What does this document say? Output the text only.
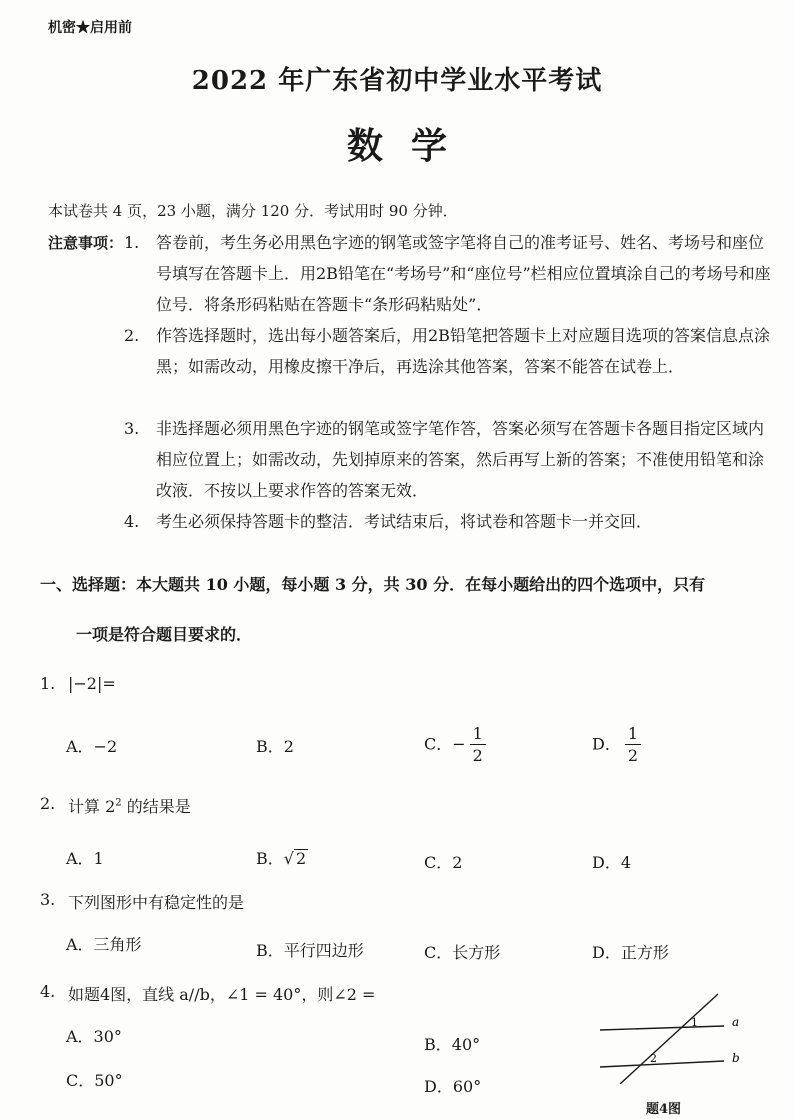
机密★启用前
2022 年广东省初中学业水平考试
数学
本试卷共 4 页，23 小题，满分 120 分．考试用时 90 分钟．
注意事项： 1. 答卷前，考生务必用黑色字迹的钢笔或签字笔将自己的准考证号、姓名、考场号和座位号填写在答题卡上．用2B铅笔在“考场号”和“座位号”栏相应位置填涂自己的考场号和座位号．将条形码粘贴在答题卡“条形码粘贴处”．
2. 作答选择题时，选出每小题答案后，用2B铅笔把答题卡上对应题目选项的答案信息点涂黑；如需改动，用橡皮擦干净后，再选涂其他答案，答案不能答在试卷上．
3. 非选择题必须用黑色字迹的钢笔或签字笔作答，答案必须写在答题卡各题目指定区域内相应位置上；如需改动，先划掉原来的答案，然后再写上新的答案；不准使用铅笔和涂改液．不按以上要求作答的答案无效．
4. 考生必须保持答题卡的整洁．考试结束后，将试卷和答题卡一并交回．
一、选择题：本大题共 10 小题，每小题 3 分，共 30 分．在每小题给出的四个选项中，只有
一项是符合题目要求的．
1. |−2|=
A．−2	B．2	C．− $\frac{1}{2}$	D． $\frac{1}{2}$
2. 计算 $2^2$ 的结果是
A．1	B．√ 2	C．2	D．4
3. 下列图形中有稳定性的是
A．三角形	B．平行四边形	C．长方形	D．正方形
4. 如题4图，直线 a//b，∠1 = 40°，则∠2 =
A．30°	B．40°
C．50°	D．60°
a
b
1
2
题4图
